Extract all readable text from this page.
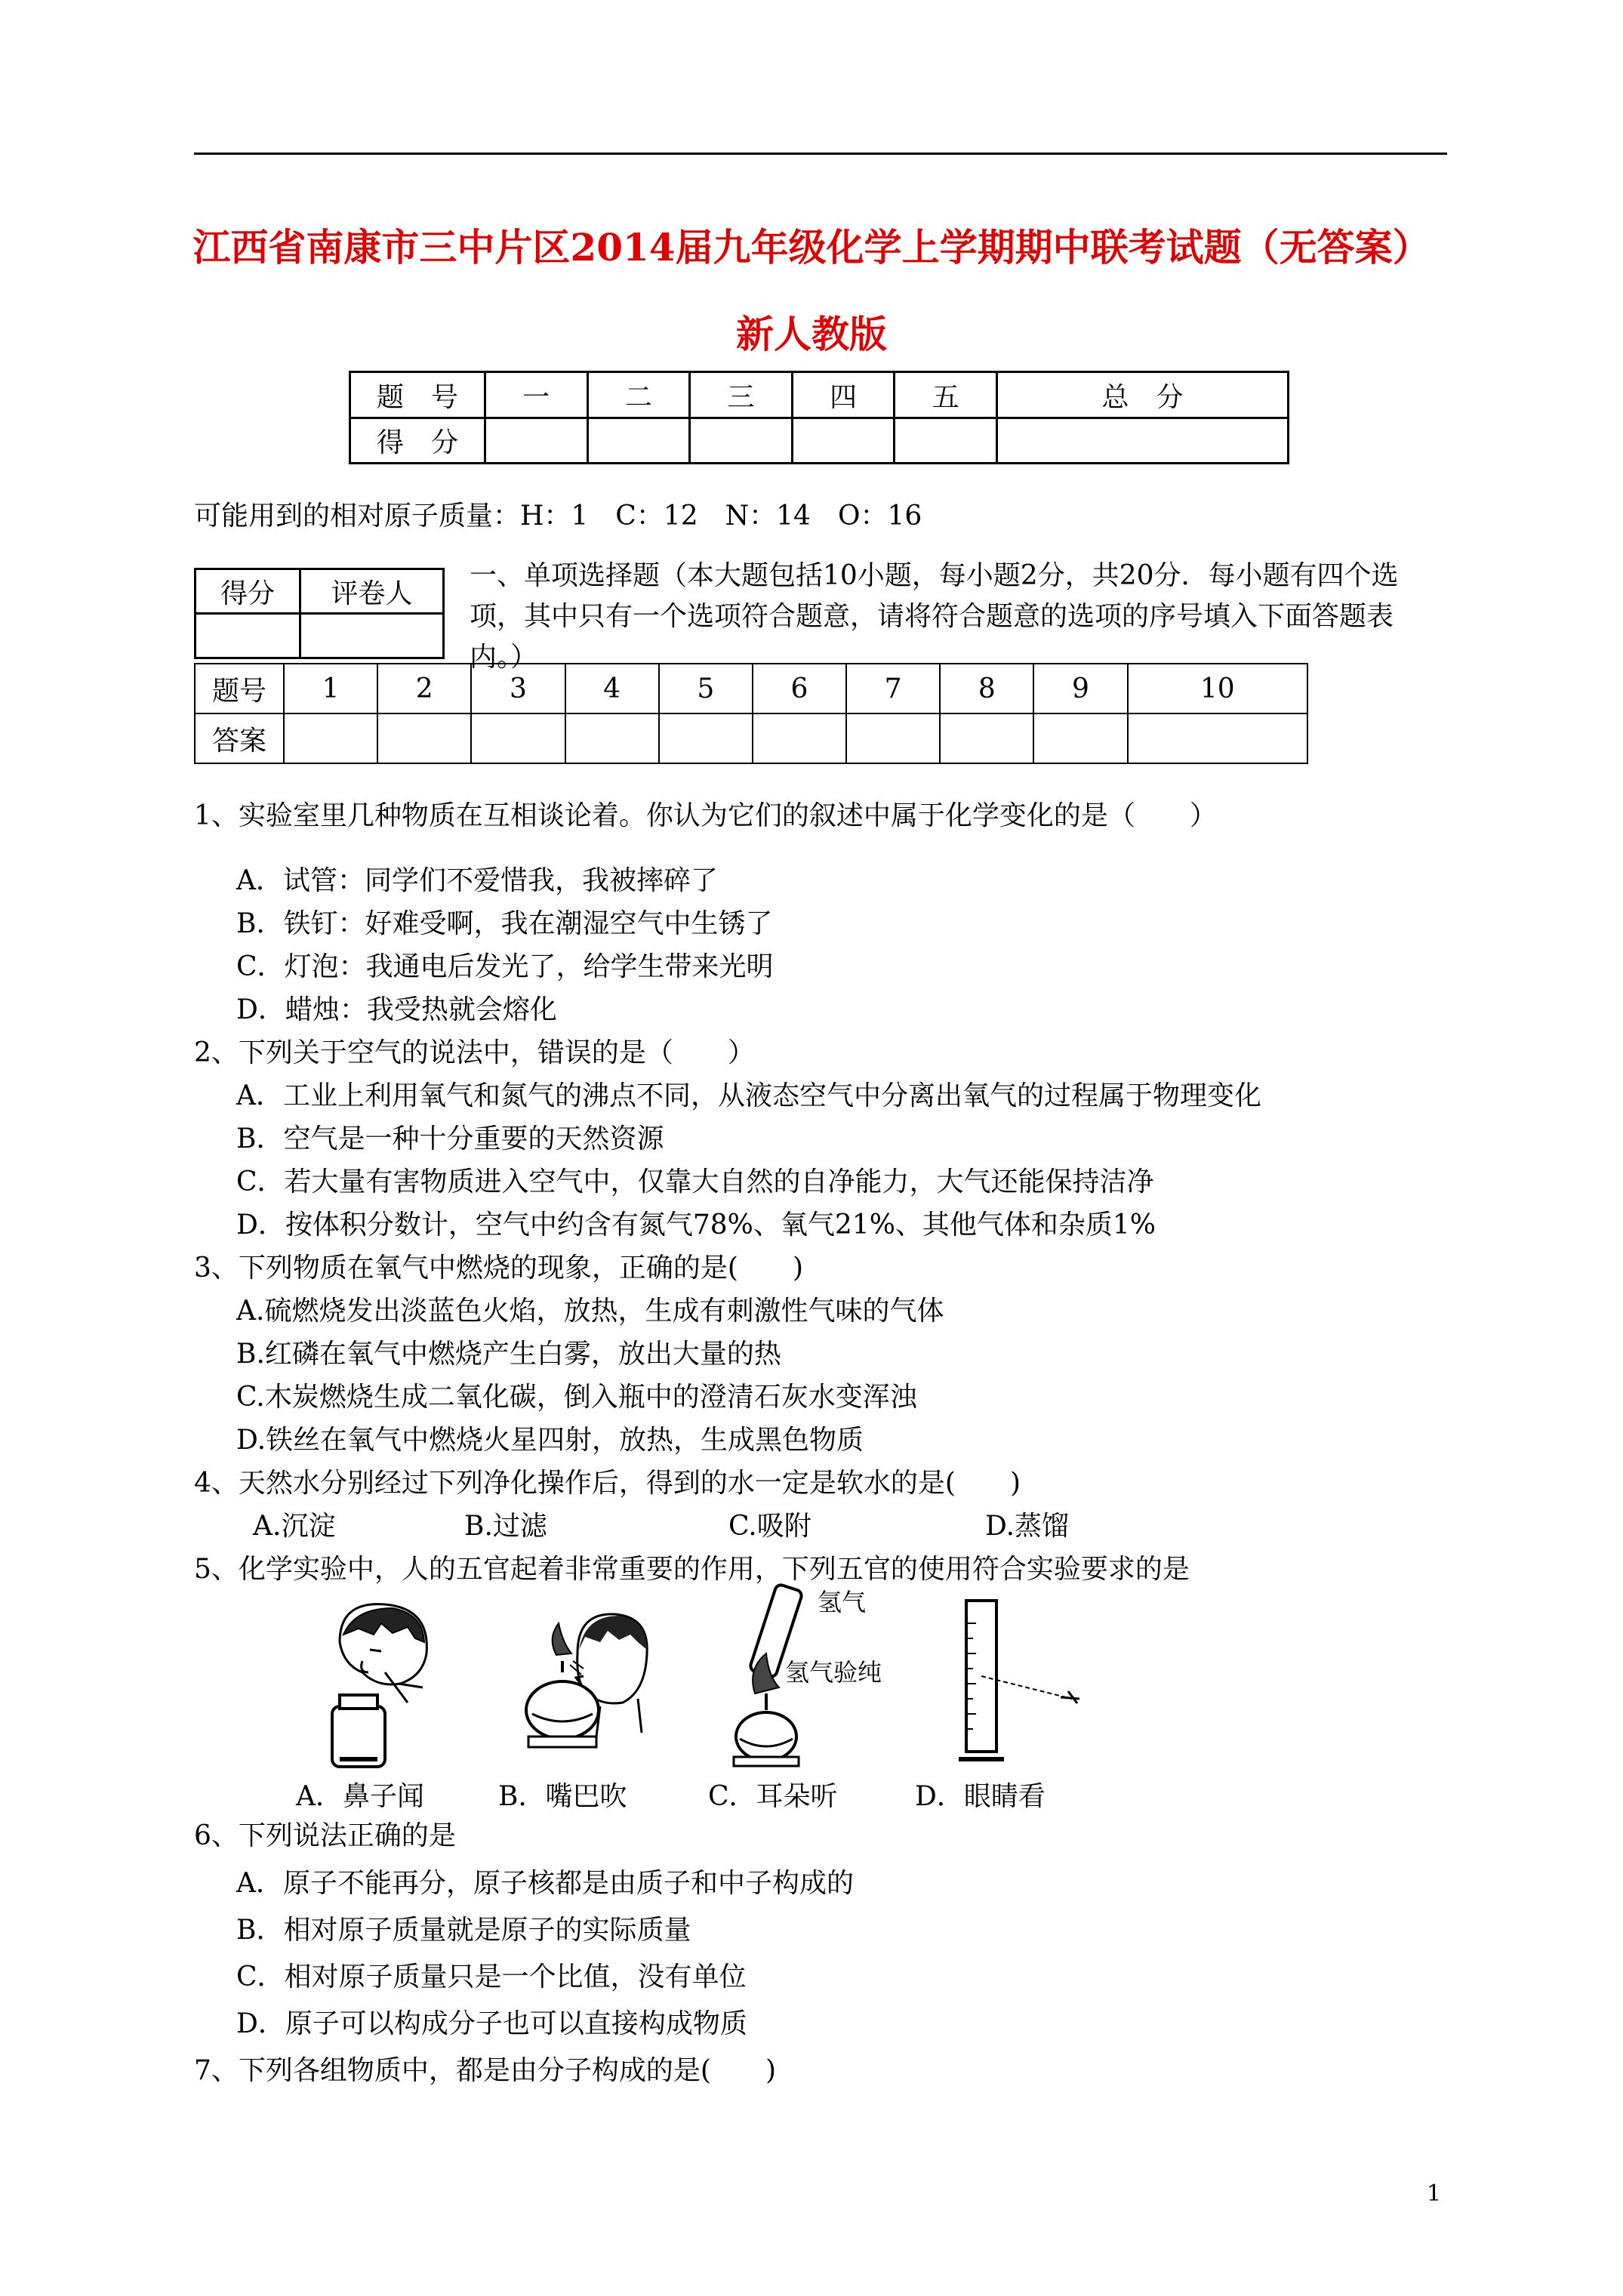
江西省南康市三中片区2014届九年级化学上学期期中联考试题（无答案）
新人教版
题　号	一	二	三	四	五	总　分
得　分						
可能用到的相对原子质量：H：1　C：12　N：14　O：16
得分	评卷人

一、单项选择题（本大题包括10小题，每小题2分，共20分．每小题有四个选项，其中只有一个选项符合题意，请将符合题意的选项的序号填入下面答题表内。）
题号	1	2	3	4	5	6	7	8	9	10
答案										
1、实验室里几种物质在互相谈论着。你认为它们的叙述中属于化学变化的是（　　）
A．试管：同学们不爱惜我，我被摔碎了
B．铁钉：好难受啊，我在潮湿空气中生锈了
C．灯泡：我通电后发光了，给学生带来光明
D．蜡烛：我受热就会熔化
2、下列关于空气的说法中，错误的是（　　）
A．工业上利用氧气和氮气的沸点不同，从液态空气中分离出氧气的过程属于物理变化
B．空气是一种十分重要的天然资源
C．若大量有害物质进入空气中，仅靠大自然的自净能力，大气还能保持洁净
D．按体积分数计，空气中约含有氮气78%、氧气21%、其他气体和杂质1%
3、下列物质在氧气中燃烧的现象，正确的是(　　)
A.硫燃烧发出淡蓝色火焰，放热，生成有刺激性气味的气体
B.红磷在氧气中燃烧产生白雾，放出大量的热
C.木炭燃烧生成二氧化碳，倒入瓶中的澄清石灰水变浑浊
D.铁丝在氧气中燃烧火星四射，放热，生成黑色物质
4、天然水分别经过下列净化操作后，得到的水一定是软水的是(　　)
A.沉淀	B.过滤	C.吸附	D.蒸馏
5、化学实验中，人的五官起着非常重要的作用，下列五官的使用符合实验要求的是
氢气
氢气验纯
A．鼻子闻	B．嘴巴吹	C．耳朵听	D．眼睛看
6、下列说法正确的是
A．原子不能再分，原子核都是由质子和中子构成的
B．相对原子质量就是原子的实际质量
C．相对原子质量只是一个比值，没有单位
D．原子可以构成分子也可以直接构成物质
7、下列各组物质中，都是由分子构成的是(　　)
1
